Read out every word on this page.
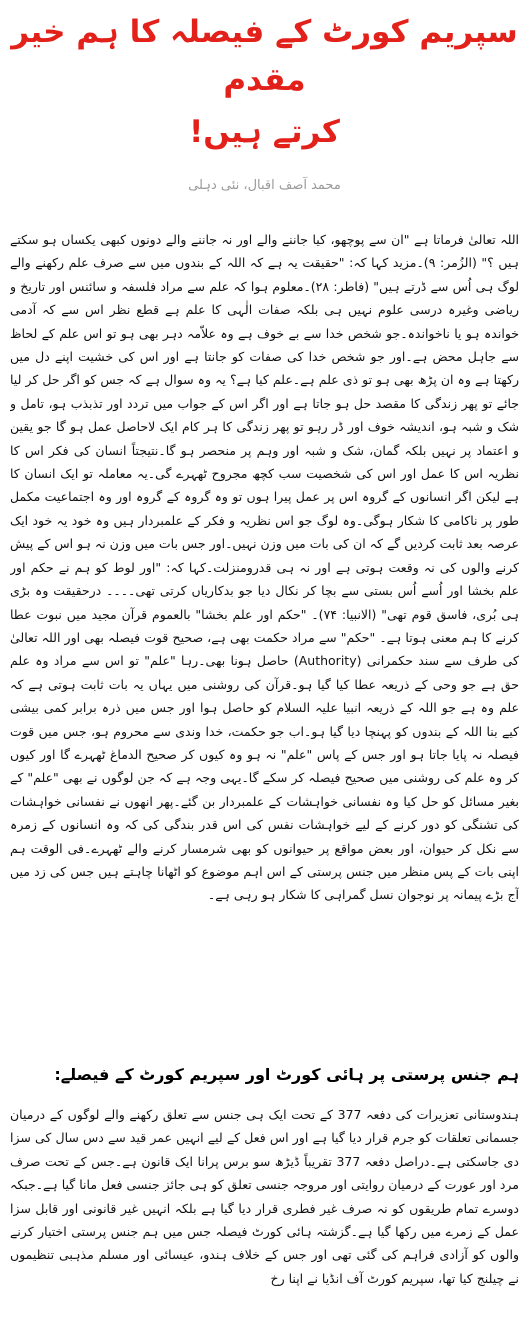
سپریم کورٹ کے فیصلہ کا ہم خیر مقدم
کرتے ہیں!
محمد آصف اقبال، نئی دہلی

اللہ تعالیٰ فرماتا ہے "ان سے پوچھو، کیا جاننے والے اور نہ جاننے والے دونوں کبھی یکساں ہو سکتے ہیں ؟" (الزُمر: ۹)۔مزید کہا کہ: "حقیقت یہ ہے کہ اللہ کے بندوں میں سے صرف علم رکھنے والے لوگ ہی اُس سے ڈرتے ہیں" (فاطر: ۲۸)۔معلوم ہوا کہ علم سے مراد فلسفہ و سائنس اور تاریخ و ریاضی وغیرہ درسی علوم نہیں ہی بلکہ صفات الٰہی کا علم ہے قطع نظر اس سے کہ آدمی خواندہ ہو یا ناخواندہ۔جو شخص خدا سے بے خوف ہے وہ علاّمہ دہر بھی ہو تو اس علم کے لحاظ سے جاہل محض ہے۔اور جو شخص خدا کی صفات کو جانتا ہے اور اس کی خشیت اپنے دل میں رکھتا ہے وہ ان پڑھ بھی ہو تو ذی علم ہے۔علم کیا ہے؟ یہ وہ سوال ہے کہ جس کو اگر حل کر لیا جائے تو پھر زندگی کا مقصد حل ہو جاتا ہے اور اگر اس کے جواب میں تردد اور تذبذب ہو، تامل و شک و شبہ ہو، اندیشہ خوف اور ڈر رہو تو پھر زندگی کا ہر کام ایک لاحاصل عمل ہو گا جو یقین و اعتماد پر نہیں بلکہ گمان، شک و شبہ اور وہم پر منحصر ہو گا۔نتیجتاً انسان کی فکر اس کا نظریہ اس کا عمل اور اس کی شخصیت سب کچھ مجروح ٹھہرے گی۔یہ معاملہ تو ایک انسان کا ہے لیکن اگر انسانوں کے گروہ اس پر عمل پیرا ہوں تو وہ گروہ کے گروہ اور وہ اجتماعیت مکمل طور پر ناکامی کا شکار ہوگی۔وہ لوگ جو اس نظریہ و فکر کے علمبردار ہیں وہ خود یہ خود ایک عرصہ بعد ثابت کردیں گے کہ ان کی بات میں وزن نہیں۔اور جس بات میں وزن نہ ہو اس کے پیش کرنے والوں کی نہ وقعت ہوتی ہے اور نہ ہی قدرومنزلت۔کہا کہ: "اور لوط کو ہم نے حکم اور علم بخشا اور اُسے اُس بستی سے بچا کر نکال دیا جو بدکاریاں کرتی تھی۔۔۔۔ درحقیقت وہ بڑی ہی بُری، فاسق قوم تھی" (الانبیا: ۷۴)۔ "حکم اور علم بخشا" بالعموم قرآن مجید میں نبوت عطا کرنے کا ہم معنی ہوتا ہے۔ "حکم" سے مراد حکمت بھی ہے، صحیح قوت فیصلہ بھی اور اللہ تعالیٰ کی طرف سے سند حکمرانی (Authority) حاصل ہونا بھی۔رہا "علم" تو اس سے مراد وہ علم حق ہے جو وحی کے ذریعہ عطا کیا گیا ہو۔قرآن کی روشنی میں یہاں یہ بات ثابت ہوتی ہے کہ علم وہ ہے جو اللہ کے ذریعہ انبیا علیہ السلام کو حاصل ہوا اور جس میں ذرہ برابر کمی بیشی کیے بنا اللہ کے بندوں کو پہنچا دیا گیا ہو۔اب جو حکمت، خدا وندی سے محروم ہو، جس میں قوت فیصلہ نہ پایا جاتا ہو اور جس کے پاس "علم" نہ ہو وہ کیوں کر صحیح الدماغ ٹھہرے گا اور کیوں کر وہ علم کی روشنی میں صحیح فیصلہ کر سکے گا۔یہی وجہ ہے کہ جن لوگوں نے بھی "علم" کے بغیر مسائل کو حل کیا وہ نفسانی خواہشات کے علمبردار بن گئے۔پھر انھوں نے نفسانی خواہشات کی تشنگی کو دور کرنے کے لیے خواہشات نفس کی اس قدر بندگی کی کہ وہ انسانوں کے زمرہ سے نکل کر حیوان، اور بعض مواقع پر حیوانوں کو بھی شرمسار کرنے والے ٹھہرے۔فی الوقت ہم اپنی بات کے پس منظر میں جنس پرستی کے اس اہم موضوع کو اٹھانا چاہتے ہیں جس کی زد میں آج بڑے پیمانہ پر نوجوان نسل گمراہی کا شکار ہو رہی ہے۔

ہم جنس پرستی پر ہائی کورٹ اور سپریم کورٹ کے فیصلے:

ہندوستانی تعزیرات کی دفعہ 377 کے تحت ایک ہی جنس سے تعلق رکھنے والے لوگوں کے درمیان جسمانی تعلقات کو جرم قرار دیا گیا ہے اور اس فعل کے لیے انہیں عمر قید سے دس سال کی سزا دی جاسکتی ہے۔دراصل دفعہ 377 تقریباً ڈیڑھ سو برس پرانا ایک قانون ہے۔جس کے تحت صرف مرد اور عورت کے درمیان روایتی اور مروجہ جنسی تعلق کو ہی جائز جنسی فعل مانا گیا ہے۔جبکہ دوسرے تمام طریقوں کو نہ صرف غیر فطری قرار دیا گیا ہے بلکہ انہیں غیر قانونی اور قابل سزا عمل کے زمرے میں رکھا گیا ہے۔گزشتہ ہائی کورٹ فیصلہ جس میں ہم جنس پرستی اختیار کرنے والوں کو آزادی فراہم کی گئی تھی اور جس کے خلاف ہندو، عیسائی اور مسلم مذہبی تنظیموں نے چیلنج کیا تھا، سپریم کورٹ آف انڈیا نے اپنا رخ
